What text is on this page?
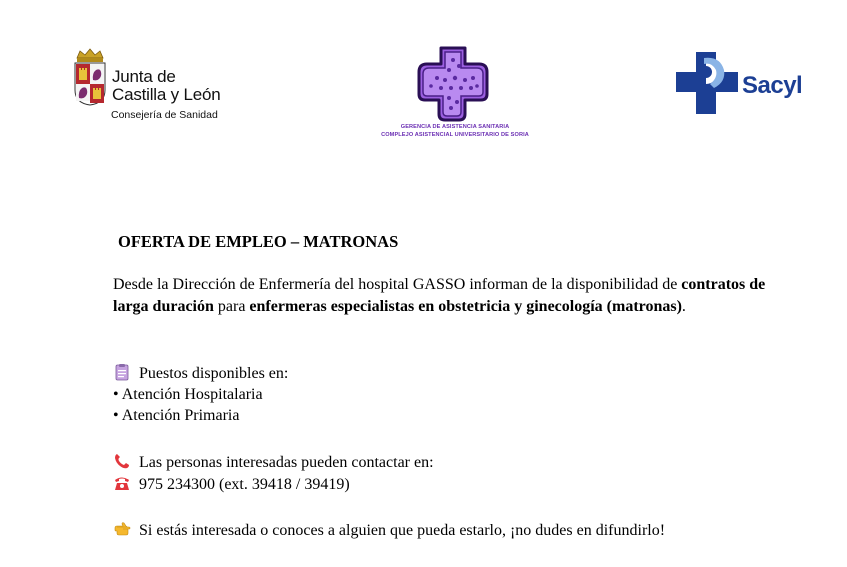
Junta de
Castilla y León
Consejería de Sanidad
GERENCIA DE ASISTENCIA SANITARIA
COMPLEJO ASISTENCIAL UNIVERSITARIO DE SORIA
Sacyl
OFERTA DE EMPLEO – MATRONAS
Desde la Dirección de Enfermería del hospital GASSO informan de la disponibilidad de contratos de larga duración para enfermeras especialistas en obstetricia y ginecología (matronas).
Puestos disponibles en:
• Atención Hospitalaria
• Atención Primaria
Las personas interesadas pueden contactar en:
975 234300 (ext. 39418 / 39419)
Si estás interesada o conoces a alguien que pueda estarlo, ¡no dudes en difundirlo!
